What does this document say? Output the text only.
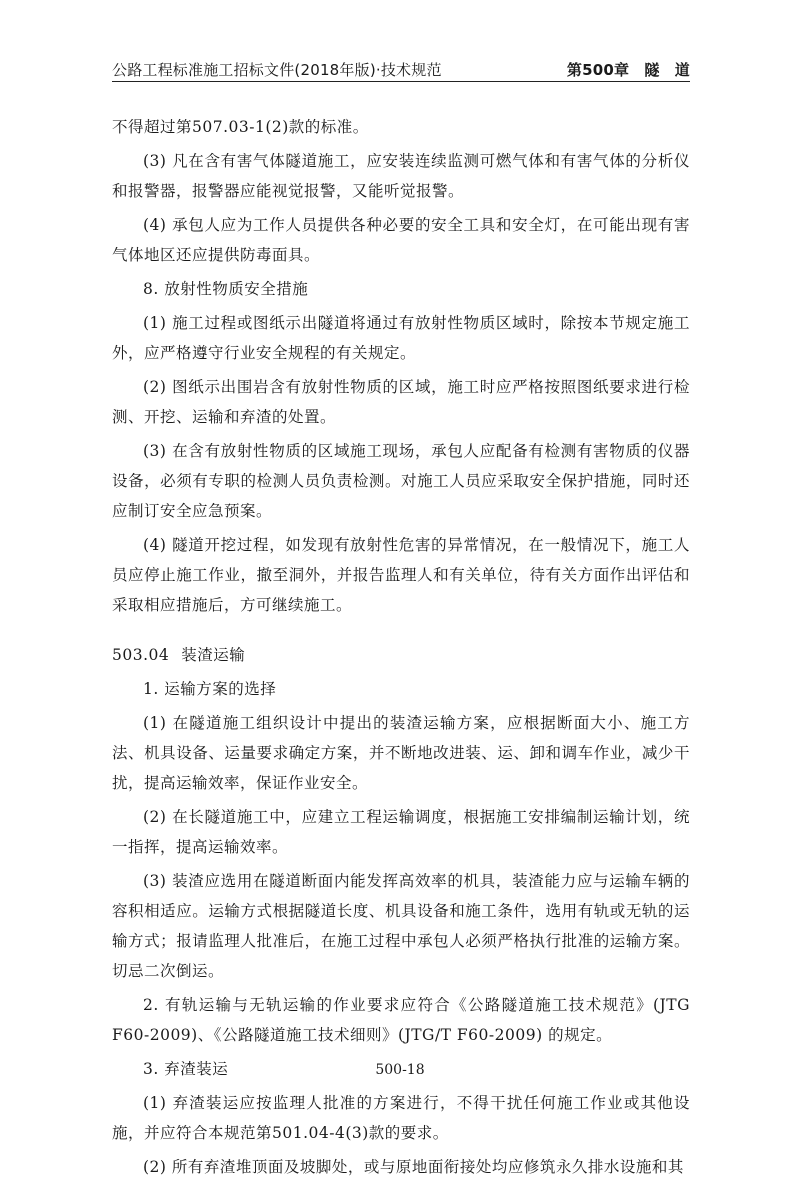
公路工程标准施工招标文件(2018年版)·技术规范	第500章　隧　道

不得超过第507.03-1(2)款的标准。

(3) 凡在含有害气体隧道施工，应安装连续监测可燃气体和有害气体的分析仪和报警器，报警器应能视觉报警，又能听觉报警。

(4) 承包人应为工作人员提供各种必要的安全工具和安全灯，在可能出现有害气体地区还应提供防毒面具。

8. 放射性物质安全措施

(1) 施工过程或图纸示出隧道将通过有放射性物质区域时，除按本节规定施工外，应严格遵守行业安全规程的有关规定。

(2) 图纸示出围岩含有放射性物质的区域，施工时应严格按照图纸要求进行检测、开挖、运输和弃渣的处置。

(3) 在含有放射性物质的区域施工现场，承包人应配备有检测有害物质的仪器设备，必须有专职的检测人员负责检测。对施工人员应采取安全保护措施，同时还应制订安全应急预案。

(4) 隧道开挖过程，如发现有放射性危害的异常情况，在一般情况下，施工人员应停止施工作业，撤至洞外，并报告监理人和有关单位，待有关方面作出评估和采取相应措施后，方可继续施工。

503.04 装渣运输

1. 运输方案的选择

(1) 在隧道施工组织设计中提出的装渣运输方案，应根据断面大小、施工方法、机具设备、运量要求确定方案，并不断地改进装、运、卸和调车作业，减少干扰，提高运输效率，保证作业安全。

(2) 在长隧道施工中，应建立工程运输调度，根据施工安排编制运输计划，统一指挥，提高运输效率。

(3) 装渣应选用在隧道断面内能发挥高效率的机具，装渣能力应与运输车辆的容积相适应。运输方式根据隧道长度、机具设备和施工条件，选用有轨或无轨的运输方式；报请监理人批准后，在施工过程中承包人必须严格执行批准的运输方案。切忌二次倒运。

2. 有轨运输与无轨运输的作业要求应符合《公路隧道施工技术规范》(JTG F60-2009)、《公路隧道施工技术细则》(JTG/T F60-2009) 的规定。

3. 弃渣装运

(1) 弃渣装运应按监理人批准的方案进行，不得干扰任何施工作业或其他设施，并应符合本规范第501.04-4(3)款的要求。

(2) 所有弃渣堆顶面及坡脚处，或与原地面衔接处均应修筑永久排水设施和其

500-18
